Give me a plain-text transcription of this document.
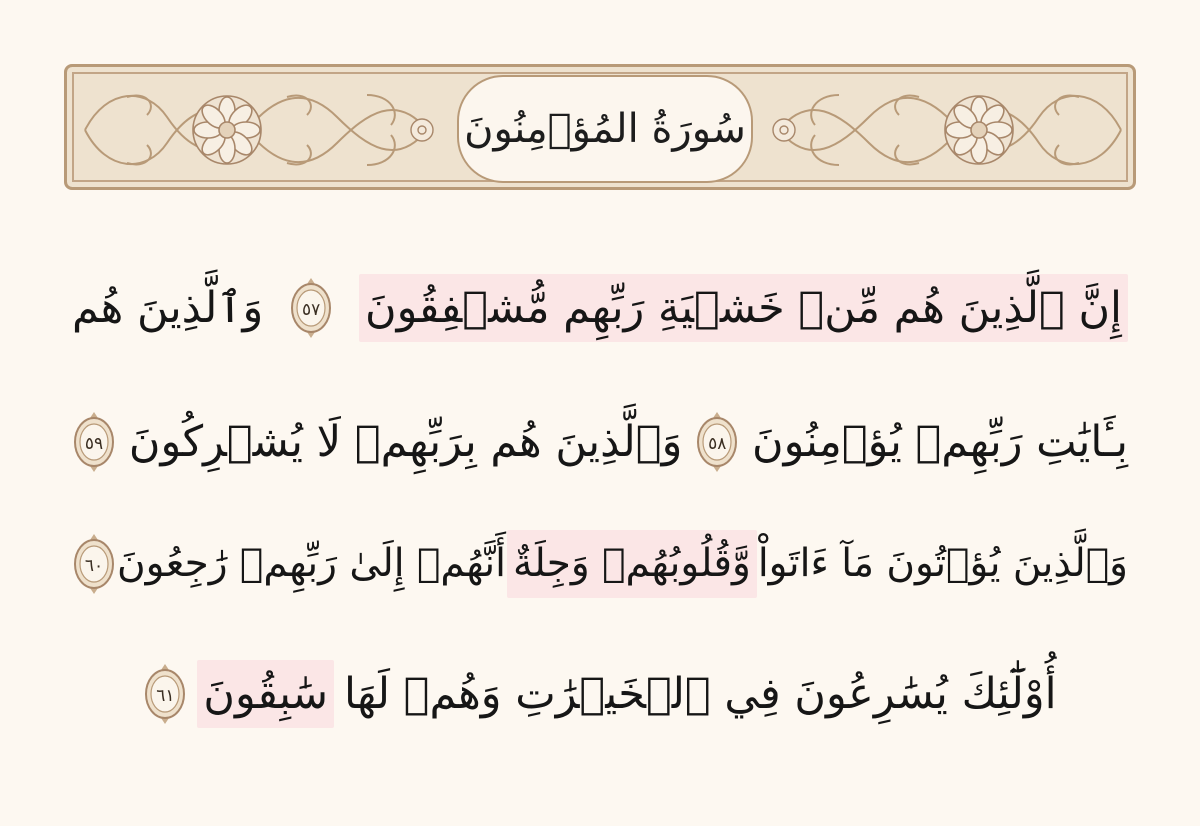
سُورَةُ المُؤۡمِنُونَ
إِنَّ ٱلَّذِينَ هُم مِّنۡ خَشۡيَةِ رَبِّهِم مُّشۡفِقُونَ
٥٧
وَٱلَّذِينَ هُم
بِـَٔايَٰتِ رَبِّهِمۡ يُؤۡمِنُونَ
٥٨
وَٱلَّذِينَ هُم بِرَبِّهِمۡ لَا يُشۡرِكُونَ
٥٩
وَٱلَّذِينَ يُؤۡتُونَ مَآ ءَاتَواْ
وَّقُلُوبُهُمۡ وَجِلَةٌ
أَنَّهُمۡ إِلَىٰ رَبِّهِمۡ رَٰجِعُونَ
٦٠
أُوْلَٰٓئِكَ يُسَٰرِعُونَ فِي ٱلۡخَيۡرَٰتِ وَهُمۡ لَهَا
سَٰبِقُونَ
٦١
